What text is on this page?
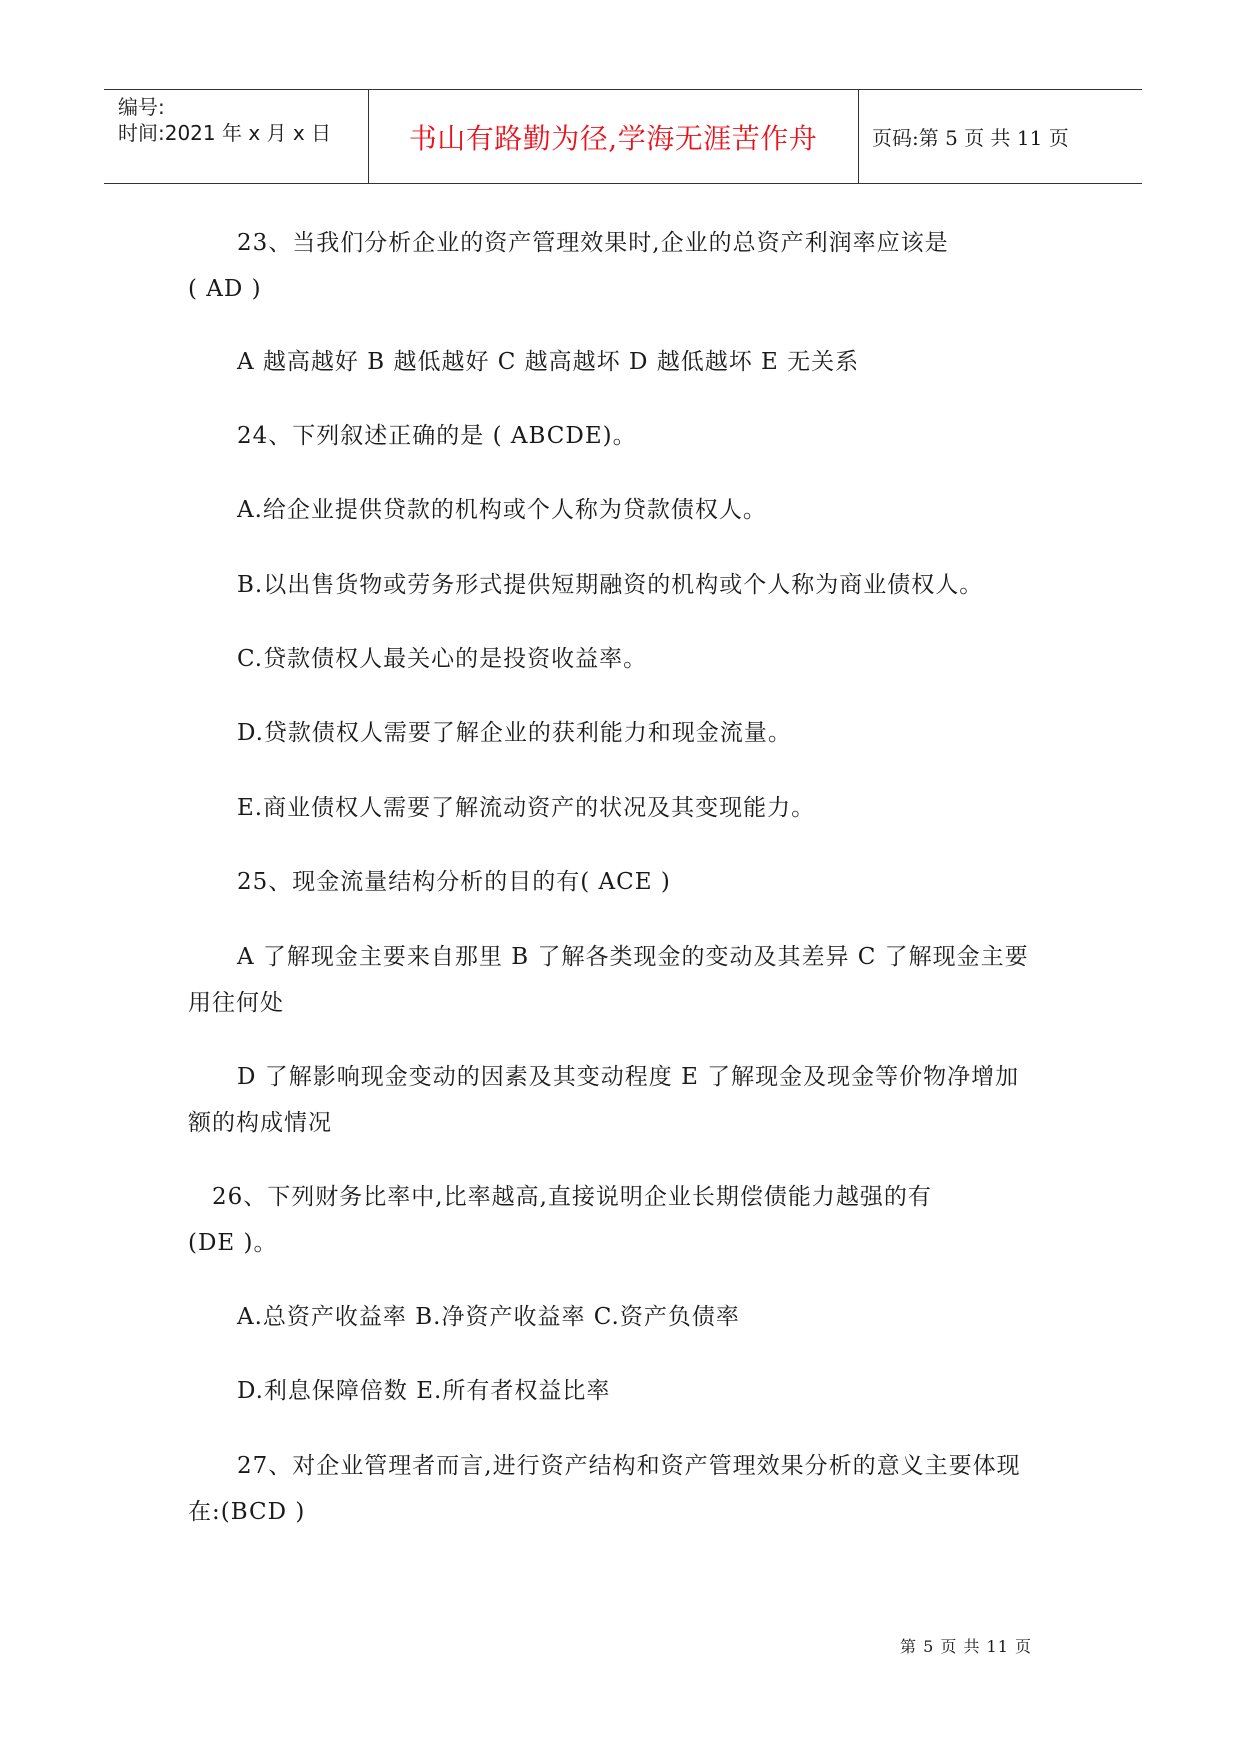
编号:
时间:2021 年 x 月 x 日	书山有路勤为径,学海无涯苦作舟	页码:第 5 页 共 11 页
23、当我们分析企业的资产管理效果时,企业的总资产利润率应该是
( AD )
A 越高越好 B 越低越好 C 越高越坏 D 越低越坏 E 无关系
24、下列叙述正确的是 ( ABCDE)。
A.给企业提供贷款的机构或个人称为贷款债权人。
B.以出售货物或劳务形式提供短期融资的机构或个人称为商业债权人。
C.贷款债权人最关心的是投资收益率。
D.贷款债权人需要了解企业的获利能力和现金流量。
E.商业债权人需要了解流动资产的状况及其变现能力。
25、现金流量结构分析的目的有( ACE )
A 了解现金主要来自那里 B 了解各类现金的变动及其差异 C 了解现金主要
用往何处
D 了解影响现金变动的因素及其变动程度 E 了解现金及现金等价物净增加
额的构成情况
26、下列财务比率中,比率越高,直接说明企业长期偿债能力越强的有
(DE )。
A.总资产收益率 B.净资产收益率 C.资产负债率
D.利息保障倍数 E.所有者权益比率
27、对企业管理者而言,进行资产结构和资产管理效果分析的意义主要体现
在:(BCD )
第 5 页 共 11 页
